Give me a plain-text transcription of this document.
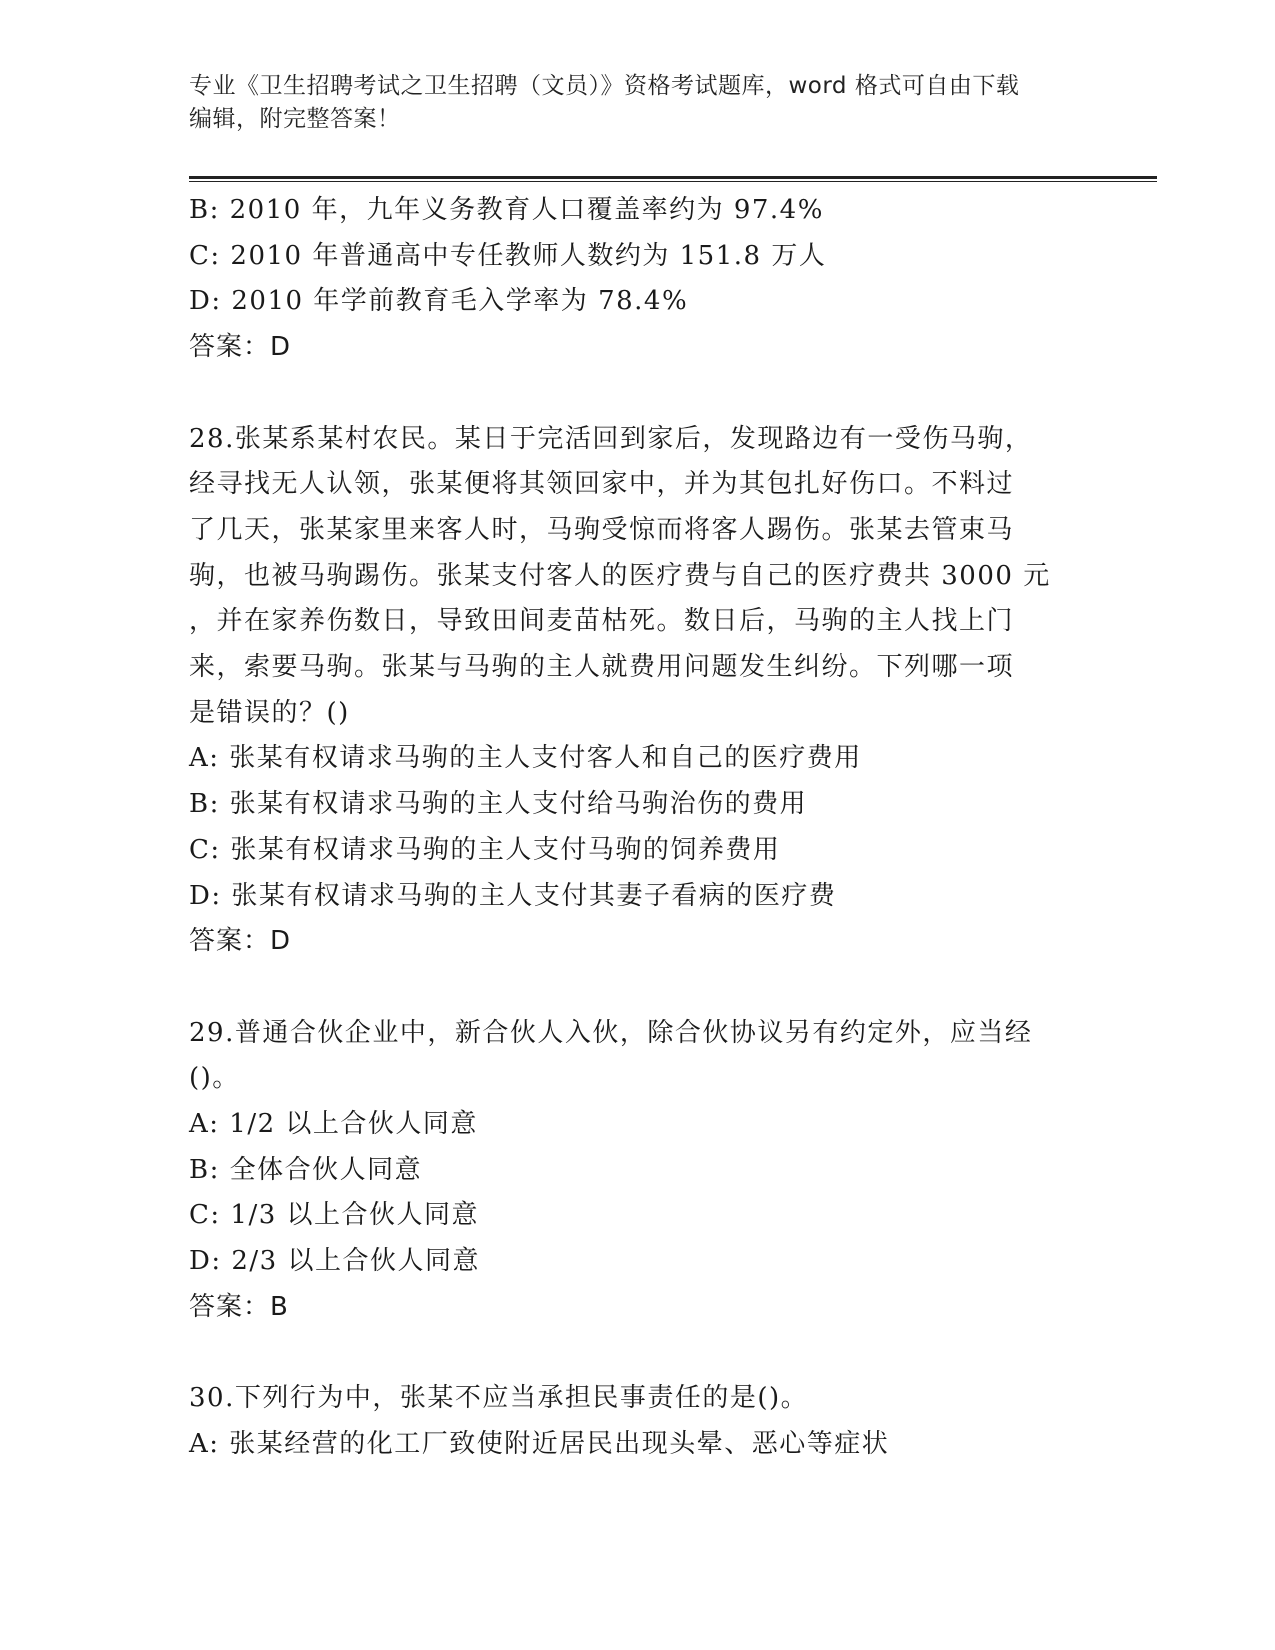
专业《卫生招聘考试之卫生招聘（文员）》资格考试题库，word 格式可自由下载
编辑，附完整答案！

B: 2010 年，九年义务教育人口覆盖率约为 97.4%

C: 2010 年普通高中专任教师人数约为 151.8 万人

D: 2010 年学前教育毛入学率为 78.4%

答案：D

28.张某系某村农民。某日于完活回到家后，发现路边有一受伤马驹，

经寻找无人认领，张某便将其领回家中，并为其包扎好伤口。不料过

了几天，张某家里来客人时，马驹受惊而将客人踢伤。张某去管束马

驹，也被马驹踢伤。张某支付客人的医疗费与自己的医疗费共 3000 元

，并在家养伤数日，导致田间麦苗枯死。数日后，马驹的主人找上门

来，索要马驹。张某与马驹的主人就费用问题发生纠纷。下列哪一项

是错误的？()

A: 张某有权请求马驹的主人支付客人和自己的医疗费用

B: 张某有权请求马驹的主人支付给马驹治伤的费用

C: 张某有权请求马驹的主人支付马驹的饲养费用

D: 张某有权请求马驹的主人支付其妻子看病的医疗费

答案：D

29.普通合伙企业中，新合伙人入伙，除合伙协议另有约定外，应当经

()。

A: 1/2 以上合伙人同意

B: 全体合伙人同意

C: 1/3 以上合伙人同意

D: 2/3 以上合伙人同意

答案：B

30.下列行为中，张某不应当承担民事责任的是()。

A: 张某经营的化工厂致使附近居民出现头晕、恶心等症状
